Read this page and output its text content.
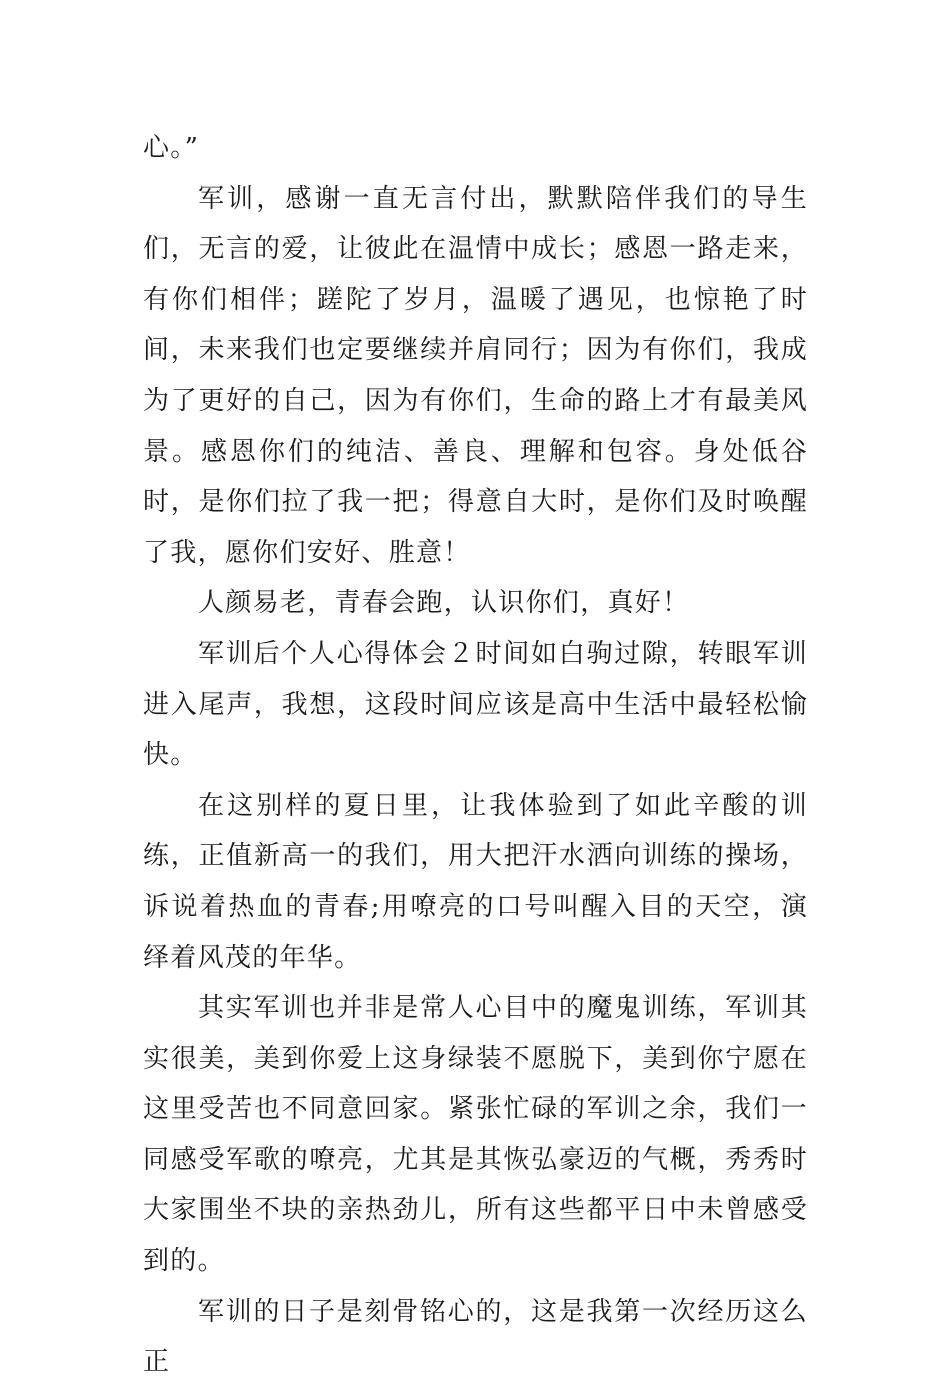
心。”

军训，感谢一直无言付出，默默陪伴我们的导生们，无言的爱，让彼此在温情中成长；感恩一路走来，有你们相伴；蹉陀了岁月，温暖了遇见，也惊艳了时间，未来我们也定要继续并肩同行；因为有你们，我成为了更好的自己，因为有你们，生命的路上才有最美风景。感恩你们的纯洁、善良、理解和包容。身处低谷时，是你们拉了我一把；得意自大时，是你们及时唤醒了我，愿你们安好、胜意！

人颜易老，青春会跑，认识你们，真好！

军训后个人心得体会２时间如白驹过隙，转眼军训进入尾声，我想，这段时间应该是高中生活中最轻松愉快。

在这别样的夏日里，让我体验到了如此辛酸的训练，正值新高一的我们，用大把汗水洒向训练的操场，诉说着热血的青春;用嘹亮的口号叫醒入目的天空，演绎着风茂的年华。

其实军训也并非是常人心目中的魔鬼训练，军训其实很美，美到你爱上这身绿装不愿脱下，美到你宁愿在这里受苦也不同意回家。紧张忙碌的军训之余，我们一同感受军歌的嘹亮，尤其是其恢弘豪迈的气概，秀秀时大家围坐不块的亲热劲儿，所有这些都平日中未曾感受到的。

军训的日子是刻骨铭心的，这是我第一次经历这么正
